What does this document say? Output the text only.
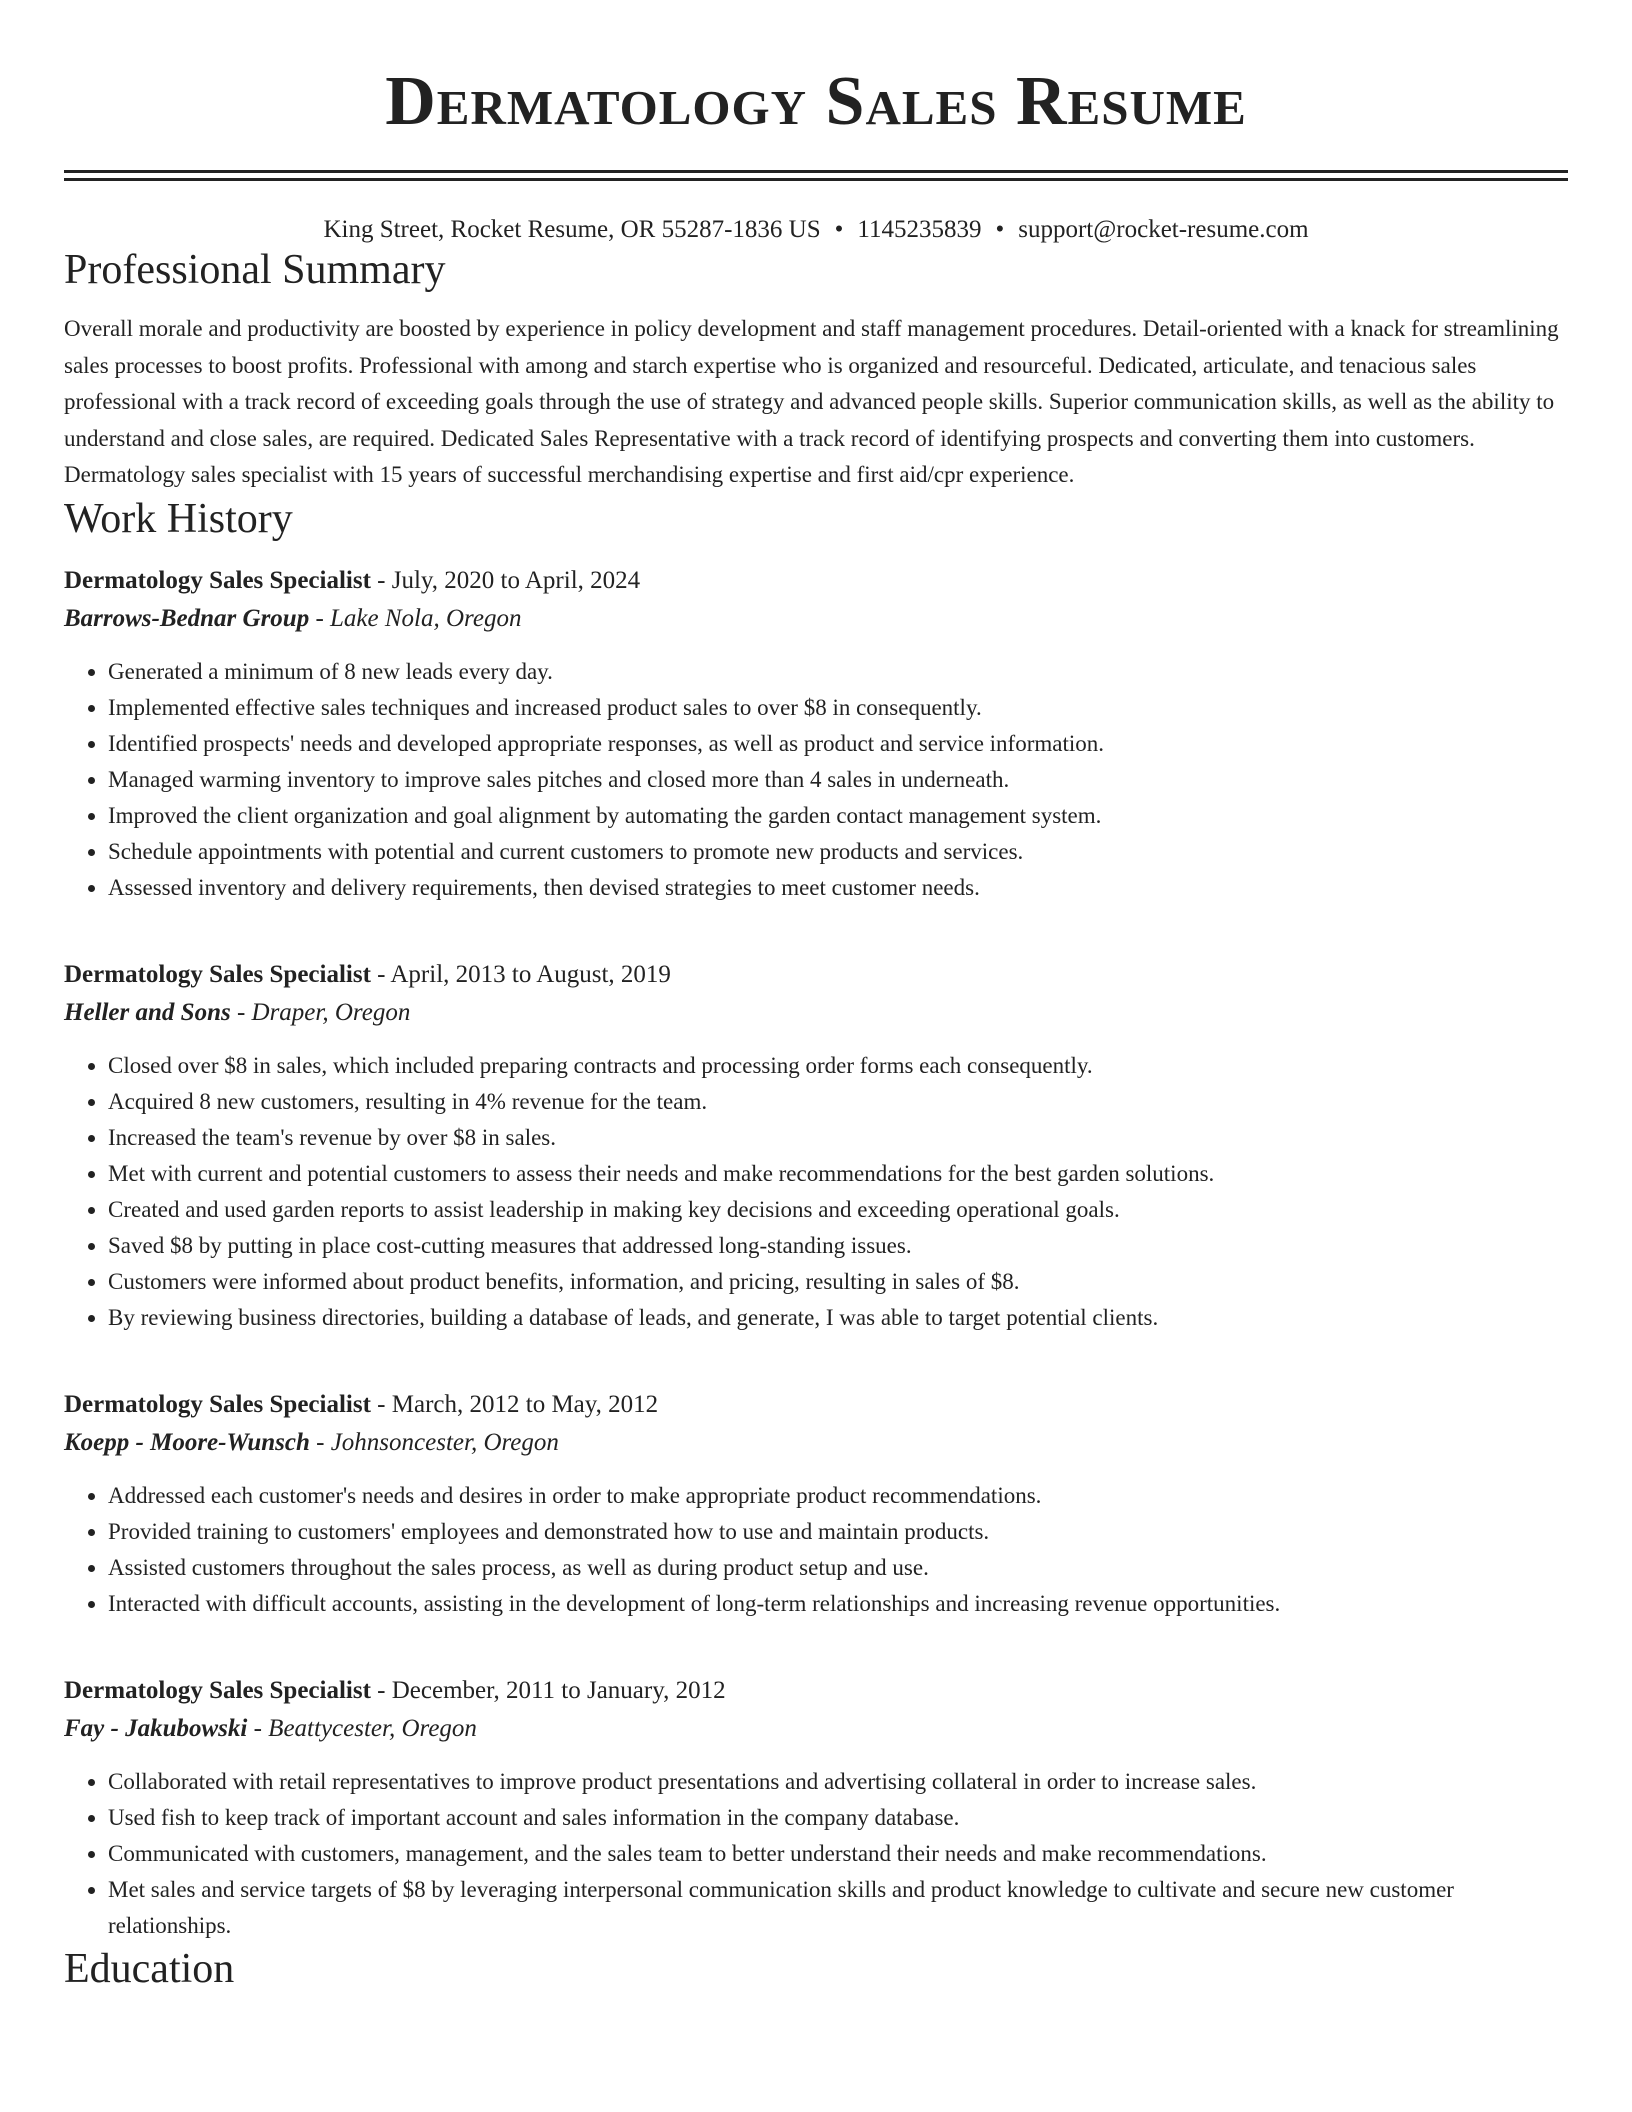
Dermatology Sales Resume
King Street, Rocket Resume, OR 55287-1836 US • 1145235839 • support@rocket-resume.com
Professional Summary

Overall morale and productivity are boosted by experience in policy development and staff management procedures. Detail-oriented with a knack for streamlining sales processes to boost profits. Professional with among and starch expertise who is organized and resourceful. Dedicated, articulate, and tenacious sales professional with a track record of exceeding goals through the use of strategy and advanced people skills. Superior communication skills, as well as the ability to understand and close sales, are required. Dedicated Sales Representative with a track record of identifying prospects and converting them into customers. Dermatology sales specialist with 15 years of successful merchandising expertise and first aid/cpr experience.

Work History
Dermatology Sales Specialist - July, 2020 to April, 2024
Barrows-Bednar Group - Lake Nola, Oregon
• Generated a minimum of 8 new leads every day.
• Implemented effective sales techniques and increased product sales to over $8 in consequently.
• Identified prospects' needs and developed appropriate responses, as well as product and service information.
• Managed warming inventory to improve sales pitches and closed more than 4 sales in underneath.
• Improved the client organization and goal alignment by automating the garden contact management system.
• Schedule appointments with potential and current customers to promote new products and services.
• Assessed inventory and delivery requirements, then devised strategies to meet customer needs.
Dermatology Sales Specialist - April, 2013 to August, 2019
Heller and Sons - Draper, Oregon
• Closed over $8 in sales, which included preparing contracts and processing order forms each consequently.
• Acquired 8 new customers, resulting in 4% revenue for the team.
• Increased the team's revenue by over $8 in sales.
• Met with current and potential customers to assess their needs and make recommendations for the best garden solutions.
• Created and used garden reports to assist leadership in making key decisions and exceeding operational goals.
• Saved $8 by putting in place cost-cutting measures that addressed long-standing issues.
• Customers were informed about product benefits, information, and pricing, resulting in sales of $8.
• By reviewing business directories, building a database of leads, and generate, I was able to target potential clients.
Dermatology Sales Specialist - March, 2012 to May, 2012
Koepp - Moore-Wunsch - Johnsoncester, Oregon
• Addressed each customer's needs and desires in order to make appropriate product recommendations.
• Provided training to customers' employees and demonstrated how to use and maintain products.
• Assisted customers throughout the sales process, as well as during product setup and use.
• Interacted with difficult accounts, assisting in the development of long-term relationships and increasing revenue opportunities.
Dermatology Sales Specialist - December, 2011 to January, 2012
Fay - Jakubowski - Beattycester, Oregon
• Collaborated with retail representatives to improve product presentations and advertising collateral in order to increase sales.
• Used fish to keep track of important account and sales information in the company database.
• Communicated with customers, management, and the sales team to better understand their needs and make recommendations.
• Met sales and service targets of $8 by leveraging interpersonal communication skills and product knowledge to cultivate and secure new customer relationships.
Education
